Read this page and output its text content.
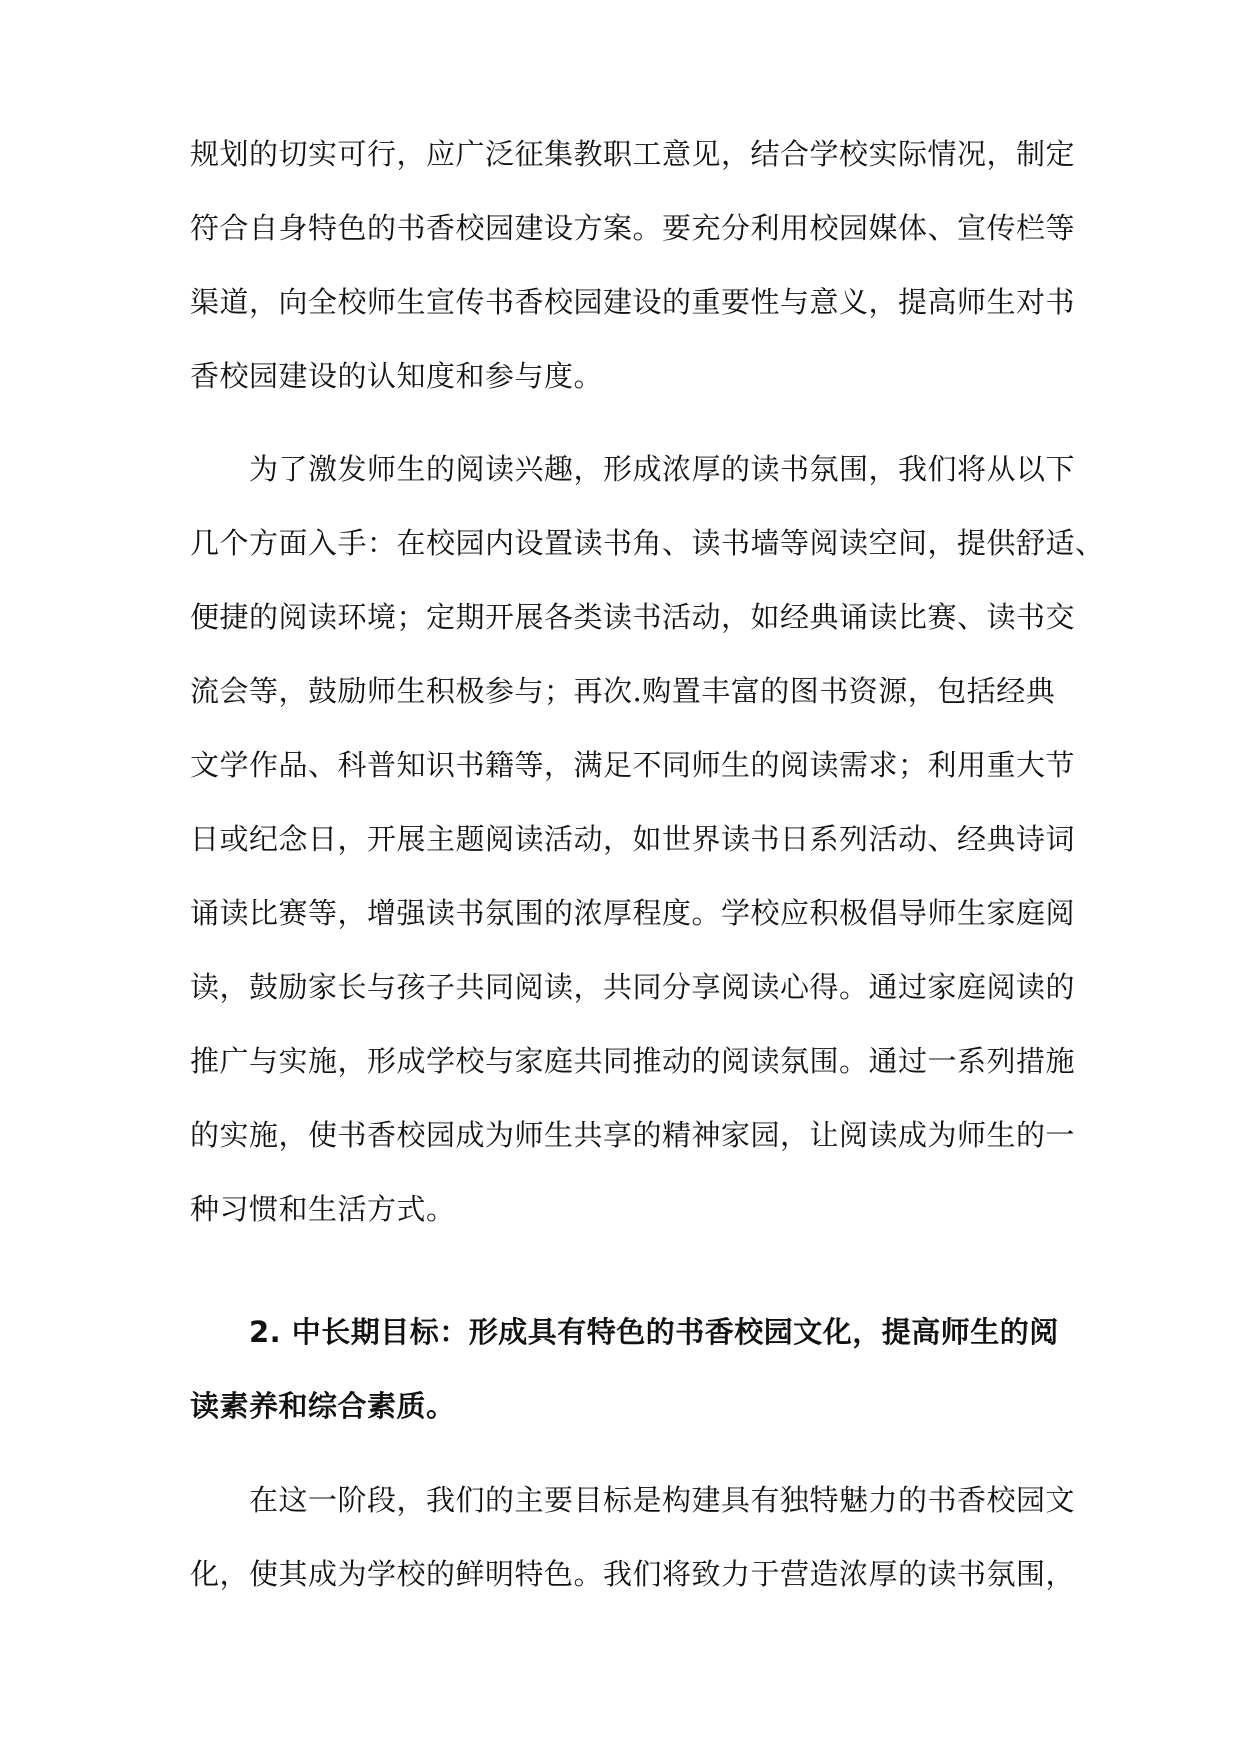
规划的切实可行，应广泛征集教职工意见，结合学校实际情况，制定
符合自身特色的书香校园建设方案。要充分利用校园媒体、宣传栏等
渠道，向全校师生宣传书香校园建设的重要性与意义，提高师生对书
香校园建设的认知度和参与度。
　　为了激发师生的阅读兴趣，形成浓厚的读书氛围，我们将从以下
几个方面入手：在校园内设置读书角、读书墙等阅读空间，提供舒适、
便捷的阅读环境；定期开展各类读书活动，如经典诵读比赛、读书交
流会等，鼓励师生积极参与；再次.购置丰富的图书资源，包括经典
文学作品、科普知识书籍等，满足不同师生的阅读需求；利用重大节
日或纪念日，开展主题阅读活动，如世界读书日系列活动、经典诗词
诵读比赛等，增强读书氛围的浓厚程度。学校应积极倡导师生家庭阅
读，鼓励家长与孩子共同阅读，共同分享阅读心得。通过家庭阅读的
推广与实施，形成学校与家庭共同推动的阅读氛围。通过一系列措施
的实施，使书香校园成为师生共享的精神家园，让阅读成为师生的一
种习惯和生活方式。
　　2. 中长期目标：形成具有特色的书香校园文化，提高师生的阅
读素养和综合素质。
　　在这一阶段，我们的主要目标是构建具有独特魅力的书香校园文
化，使其成为学校的鲜明特色。我们将致力于营造浓厚的读书氛围，
